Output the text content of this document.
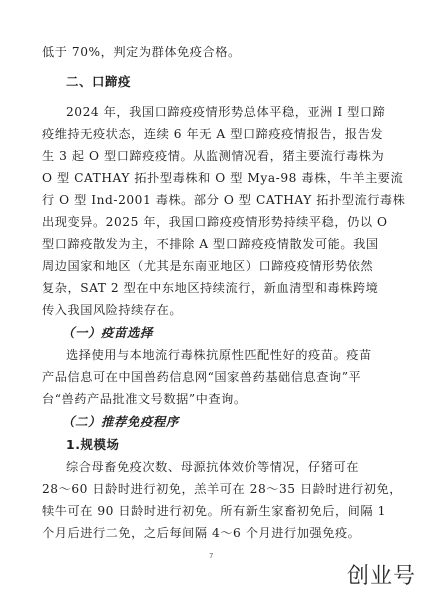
低于 70%，判定为群体免疫合格。
二、口蹄疫
2024 年，我国口蹄疫疫情形势总体平稳，亚洲 I 型口蹄
疫维持无疫状态，连续 6 年无 A 型口蹄疫疫情报告，报告发
生 3 起 O 型口蹄疫疫情。从监测情况看，猪主要流行毒株为
O 型 CATHAY 拓扑型毒株和 O 型 Mya-98 毒株，牛羊主要流
行 O 型 Ind-2001 毒株。部分 O 型 CATHAY 拓扑型流行毒株
出现变异。2025 年，我国口蹄疫疫情形势持续平稳，仍以 O
型口蹄疫散发为主，不排除 A 型口蹄疫疫情散发可能。我国
周边国家和地区（尤其是东南亚地区）口蹄疫疫情形势依然
复杂，SAT 2 型在中东地区持续流行，新血清型和毒株跨境
传入我国风险持续存在。
（一）疫苗选择
选择使用与本地流行毒株抗原性匹配性好的疫苗。疫苗
产品信息可在中国兽药信息网“国家兽药基础信息查询”平
台“兽药产品批准文号数据”中查询。
（二）推荐免疫程序
1.规模场
综合母畜免疫次数、母源抗体效价等情况，仔猪可在
28～60 日龄时进行初免，羔羊可在 28～35 日龄时进行初免，
犊牛可在 90 日龄时进行初免。所有新生家畜初免后，间隔 1
个月后进行二免，之后每间隔 4～6 个月进行加强免疫。
7
创业号
